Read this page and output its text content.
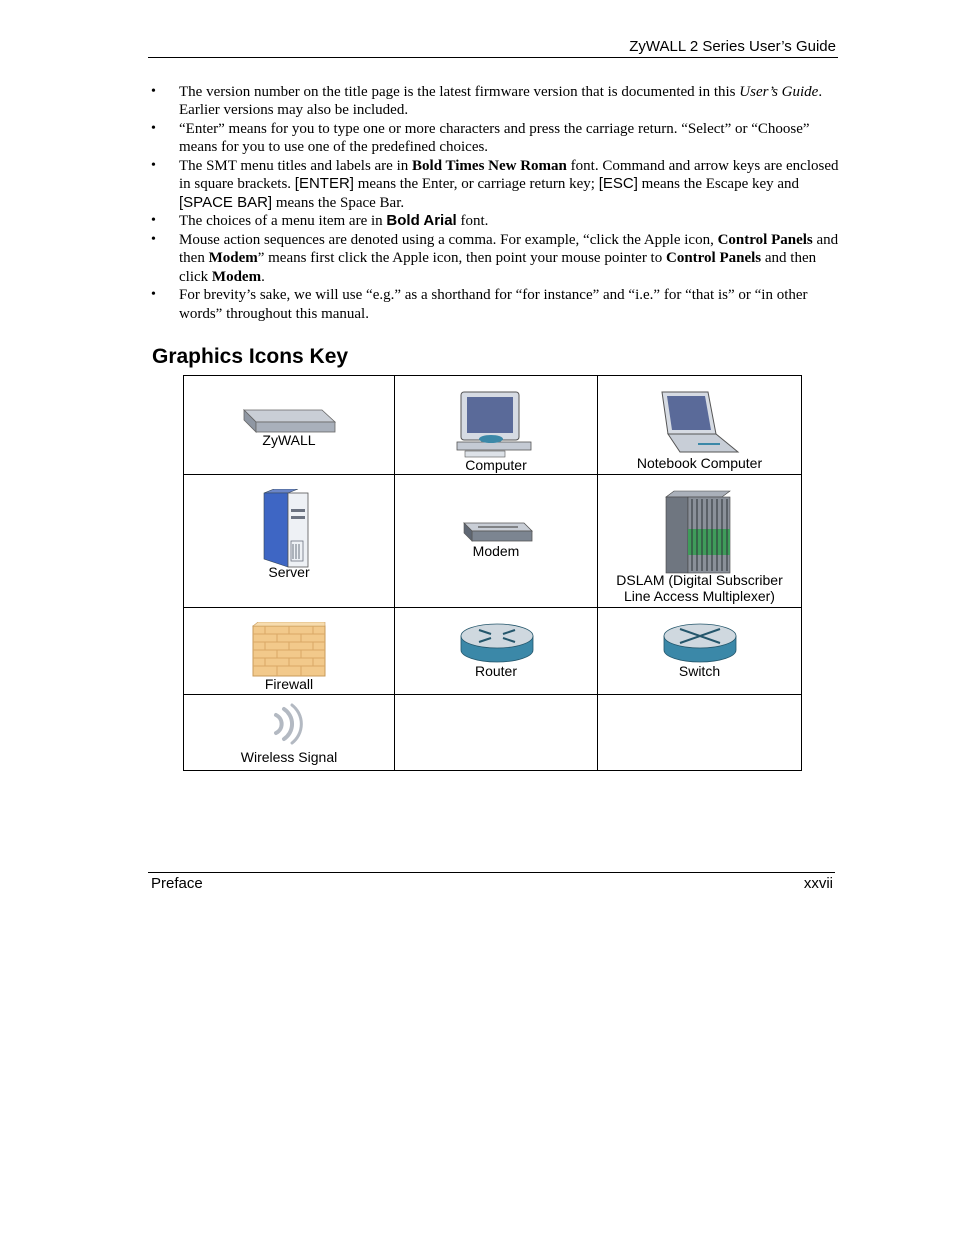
ZyWALL 2 Series User’s Guide
• The version number on the title page is the latest firmware version that is documented in this User’s Guide. Earlier versions may also be included.
• “Enter” means for you to type one or more characters and press the carriage return. “Select” or “Choose” means for you to use one of the predefined choices.
• The SMT menu titles and labels are in Bold Times New Roman font. Command and arrow keys are enclosed in square brackets. [ENTER] means the Enter, or carriage return key; [ESC] means the Escape key and [SPACE BAR] means the Space Bar.
• The choices of a menu item are in Bold Arial font.
• Mouse action sequences are denoted using a comma. For example, “click the Apple icon, Control Panels and then Modem” means first click the Apple icon, then point your mouse pointer to Control Panels and then click Modem.
• For brevity’s sake, we will use “e.g.” as a shorthand for “for instance” and “i.e.” for “that is” or “in other words” throughout this manual.
Graphics Icons Key
ZyWALL	Computer	Notebook Computer

Server	Modem	DSLAM (Digital Subscriber
Line Access Multiplexer)

Firewall	Router	Switch

Wireless Signal		

Preface	xxvii
